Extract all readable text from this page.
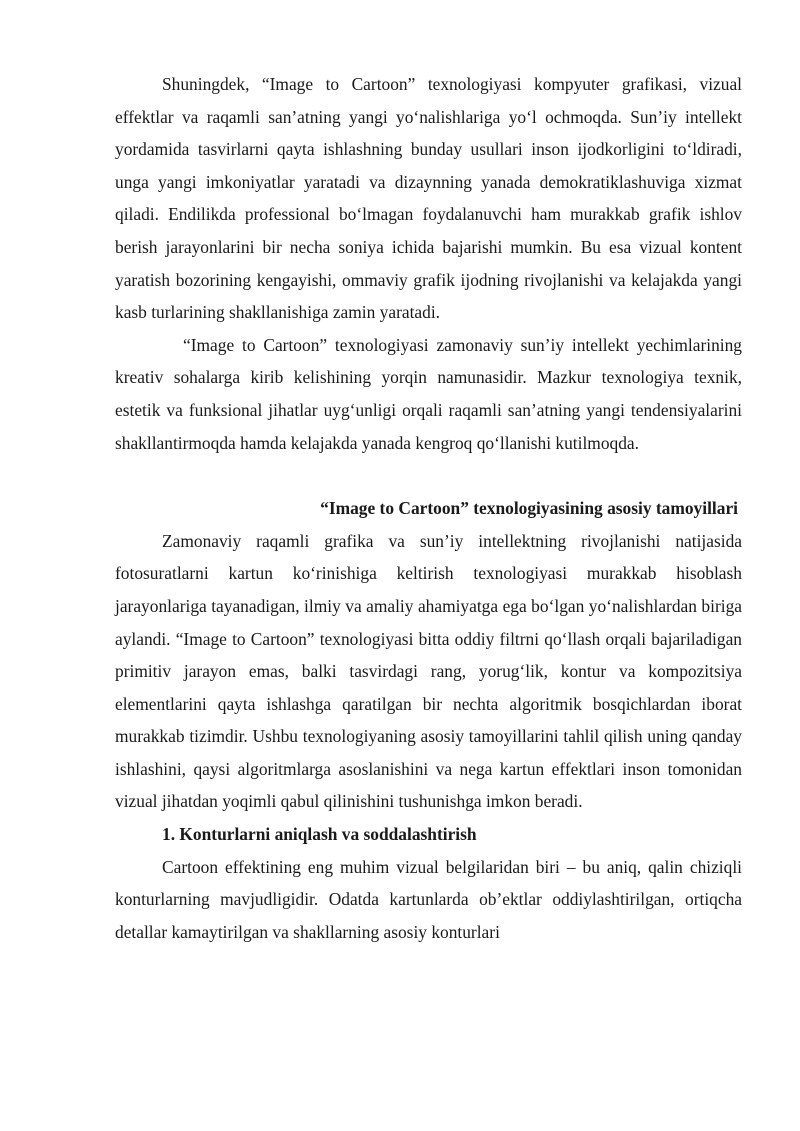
Shuningdek, “Image to Cartoon” texnologiyasi kompyuter grafikasi, vizual effektlar va raqamli san’atning yangi yo‘nalishlariga yo‘l ochmoqda. Sun’iy intellekt yordamida tasvirlarni qayta ishlashning bunday usullari inson ijodkorligini to‘ldiradi, unga yangi imkoniyatlar yaratadi va dizaynning yanada demokratiklashuviga xizmat qiladi. Endilikda professional bo‘lmagan foydalanuvchi ham murakkab grafik ishlov berish jarayonlarini bir necha soniya ichida bajarishi mumkin. Bu esa vizual kontent yaratish bozorining kengayishi, ommaviy grafik ijodning rivojlanishi va kelajakda yangi kasb turlarining shakllanishiga zamin yaratadi.

“Image to Cartoon” texnologiyasi zamonaviy sun’iy intellekt yechimlarining kreativ sohalarga kirib kelishining yorqin namunasidir. Mazkur texnologiya texnik, estetik va funksional jihatlar uyg‘unligi orqali raqamli san’atning yangi tendensiyalarini shakllantirmoqda hamda kelajakda yanada kengroq qo‘llanishi kutilmoqda.

“Image to Cartoon” texnologiyasining asosiy tamoyillari

Zamonaviy raqamli grafika va sun’iy intellektning rivojlanishi natijasida fotosuratlarni kartun ko‘rinishiga keltirish texnologiyasi murakkab hisoblash jarayonlariga tayanadigan, ilmiy va amaliy ahamiyatga ega bo‘lgan yo‘nalishlardan biriga aylandi. “Image to Cartoon” texnologiyasi bitta oddiy filtrni qo‘llash orqali bajariladigan primitiv jarayon emas, balki tasvirdagi rang, yorug‘lik, kontur va kompozitsiya elementlarini qayta ishlashga qaratilgan bir nechta algoritmik bosqichlardan iborat murakkab tizimdir. Ushbu texnologiyaning asosiy tamoyillarini tahlil qilish uning qanday ishlashini, qaysi algoritmlarga asoslanishini va nega kartun effektlari inson tomonidan vizual jihatdan yoqimli qabul qilinishini tushunishga imkon beradi.

1. Konturlarni aniqlash va soddalashtirish

Cartoon effektining eng muhim vizual belgilaridan biri – bu aniq, qalin chiziqli konturlarning mavjudligidir. Odatda kartunlarda ob’ektlar oddiylashtirilgan, ortiqcha detallar kamaytirilgan va shakllarning asosiy konturlari
